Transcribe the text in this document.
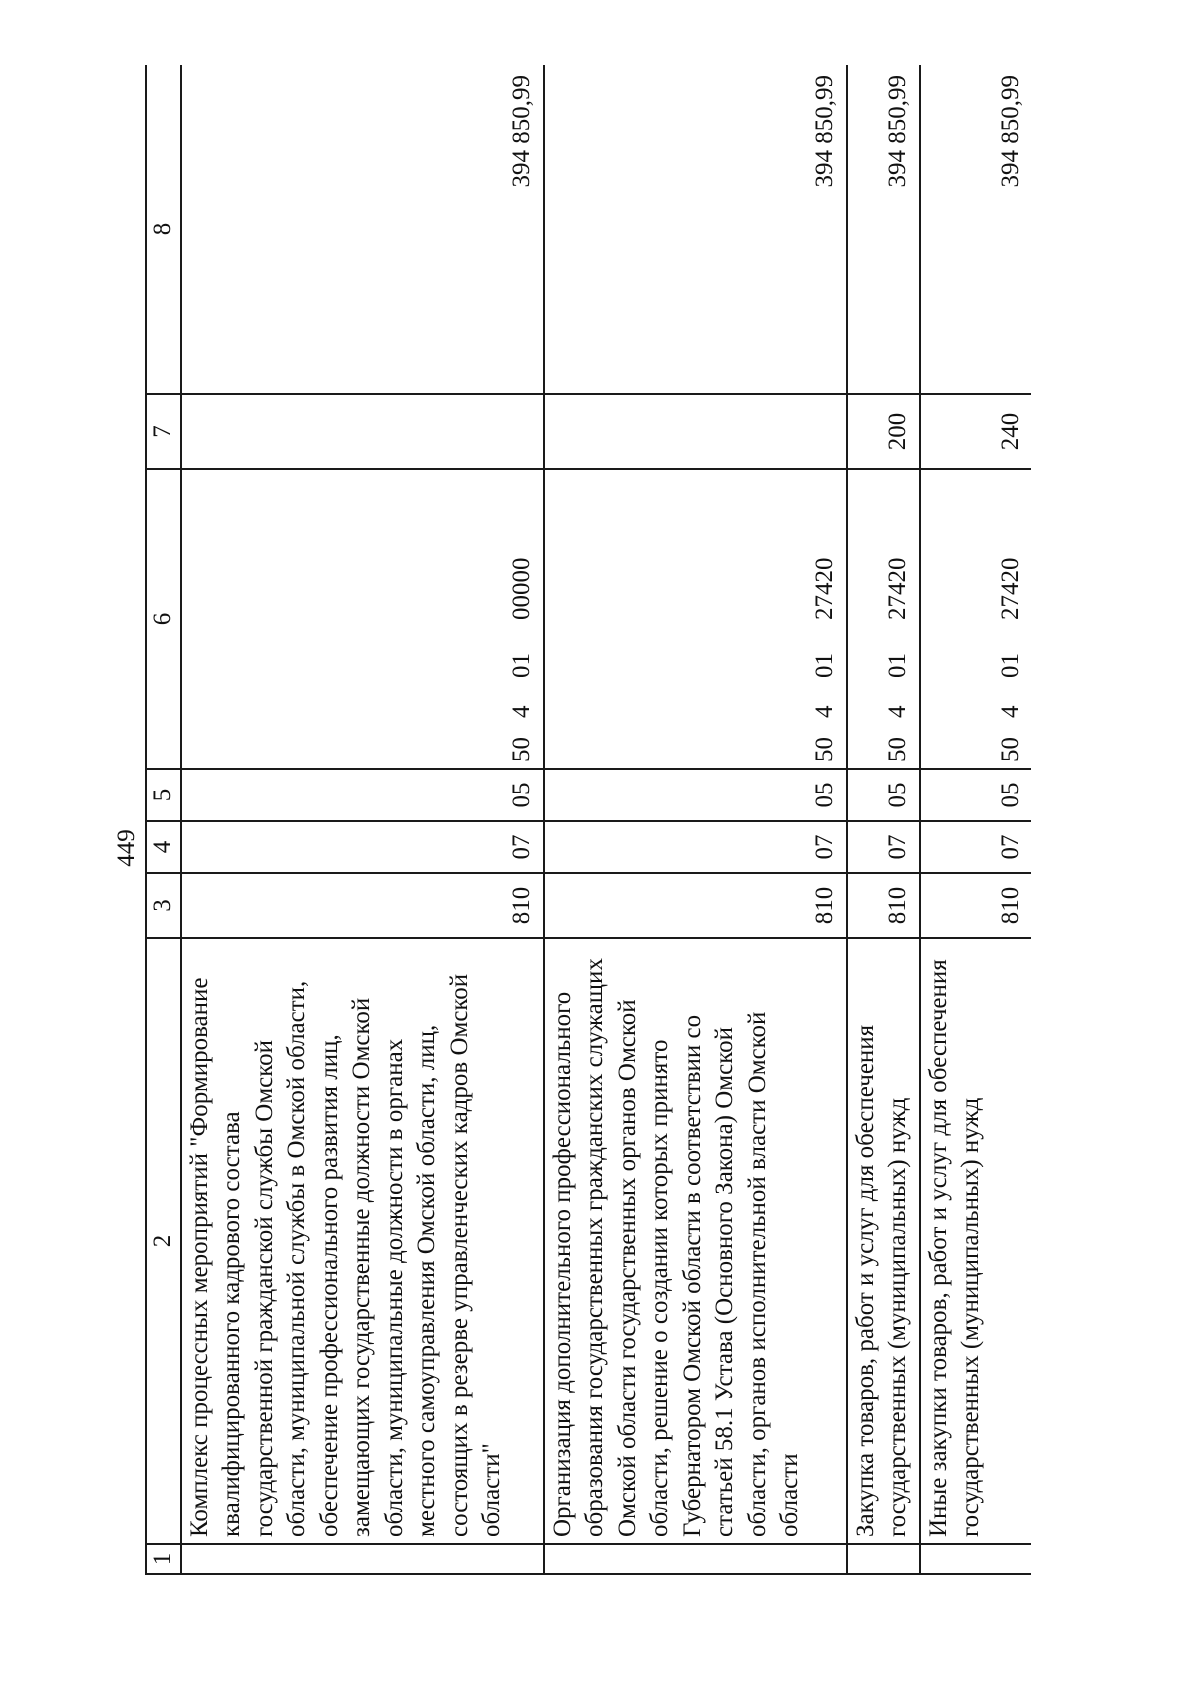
449
1	2	3	4	5	6	7	8
	Комплекс процессных мероприятий "Формирование квалифицированного кадрового состава государственной гражданской службы Омской области, муниципальной службы в Омской области, обеспечение профессионального развития лиц, замещающих государственные должности Омской области, муниципальные должности в органах местного самоуправления Омской области, лиц, состоящих в резерве управленческих кадров Омской области"	810	07	05	5040100000		394 850,99
	Организация дополнительного профессионального образования государственных гражданских служащих Омской области государственных органов Омской области, решение о создании которых принято Губернатором Омской области в соответствии со статьей 58.1 Устава (Основного Закона) Омской области, органов исполнительной власти Омской области	810	07	05	5040127420		394 850,99
	Закупка товаров, работ и услуг для обеспечения государственных (муниципальных) нужд	810	07	05	5040127420	200	394 850,99
	Иные закупки товаров, работ и услуг для обеспечения государственных (муниципальных) нужд	810	07	05	5040127420	240	394 850,99
